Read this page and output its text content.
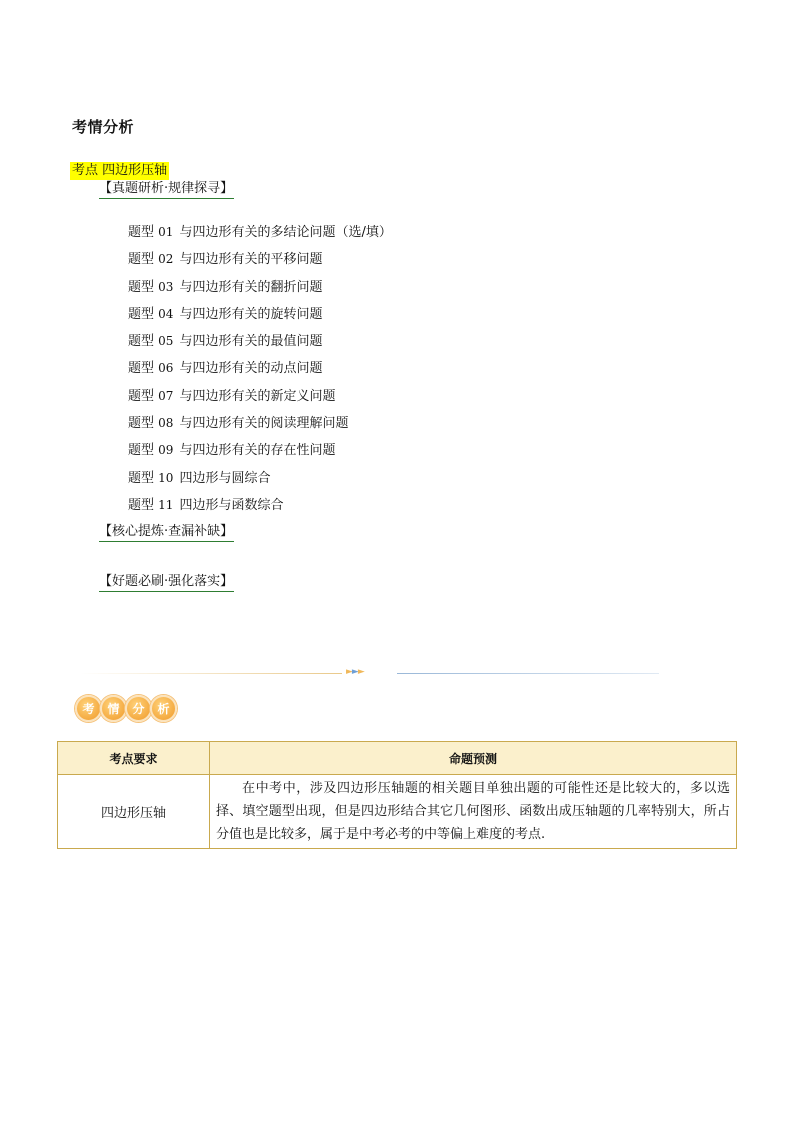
考情分析
考点 四边形压轴
【真题研析·规律探寻】
题型 01 与四边形有关的多结论问题（选/填）
题型 02 与四边形有关的平移问题
题型 03 与四边形有关的翻折问题
题型 04 与四边形有关的旋转问题
题型 05 与四边形有关的最值问题
题型 06 与四边形有关的动点问题
题型 07 与四边形有关的新定义问题
题型 08 与四边形有关的阅读理解问题
题型 09 与四边形有关的存在性问题
题型 10 四边形与圆综合
题型 11 四边形与函数综合
【核心提炼·查漏补缺】
【好题必刷·强化落实】
►►►
考	情	分	析
考点要求	命题预测
四边形压轴	在中考中，涉及四边形压轴题的相关题目单独出题的可能性还是比较大的，多以选择、填空题型出现，但是四边形结合其它几何图形、函数出成压轴题的几率特别大，所占分值也是比较多，属于是中考必考的中等偏上难度的考点.
